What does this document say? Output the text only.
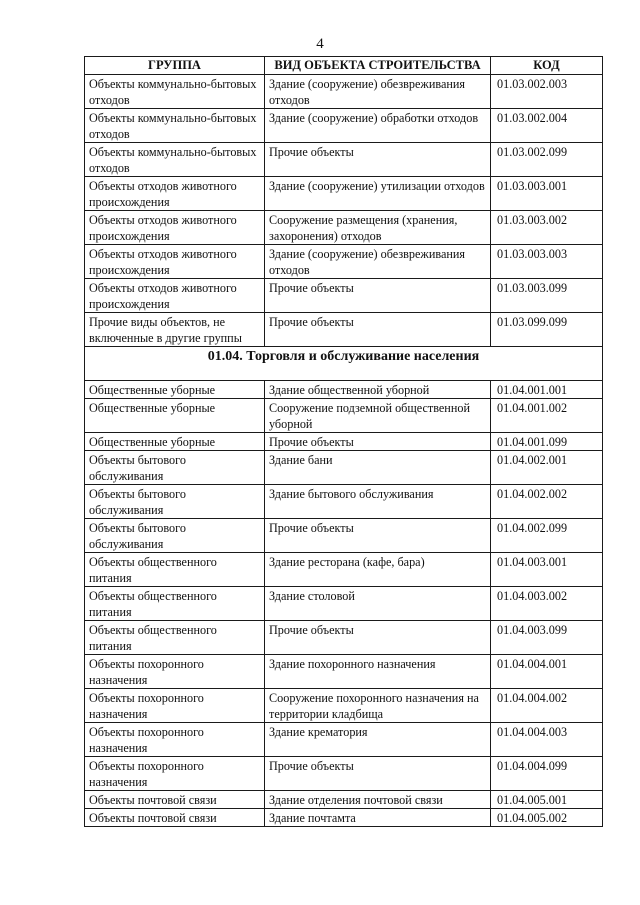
4
ГРУППА	ВИД ОБЪЕКТА СТРОИТЕЛЬСТВА	КОД
Объекты коммунально-бытовых отходов	Здание (сооружение) обезвреживания отходов	01.03.002.003
Объекты коммунально-бытовых отходов	Здание (сооружение) обработки отходов	01.03.002.004
Объекты коммунально-бытовых отходов	Прочие объекты	01.03.002.099
Объекты отходов животного происхождения	Здание (сооружение) утилизации отходов	01.03.003.001
Объекты отходов животного происхождения	Сооружение размещения (хранения, захоронения) отходов	01.03.003.002
Объекты отходов животного происхождения	Здание (сооружение) обезвреживания отходов	01.03.003.003
Объекты отходов животного происхождения	Прочие объекты	01.03.003.099
Прочие виды объектов, не включенные в другие группы	Прочие объекты	01.03.099.099
01.04. Торговля и обслуживание населения		
Общественные уборные	Здание общественной уборной	01.04.001.001
Общественные уборные	Сооружение подземной общественной уборной	01.04.001.002
Общественные уборные	Прочие объекты	01.04.001.099
Объекты бытового обслуживания	Здание бани	01.04.002.001
Объекты бытового обслуживания	Здание бытового обслуживания	01.04.002.002
Объекты бытового обслуживания	Прочие объекты	01.04.002.099
Объекты общественного питания	Здание ресторана (кафе, бара)	01.04.003.001
Объекты общественного питания	Здание столовой	01.04.003.002
Объекты общественного питания	Прочие объекты	01.04.003.099
Объекты похоронного назначения	Здание похоронного назначения	01.04.004.001
Объекты похоронного назначения	Сооружение похоронного назначения на территории кладбища	01.04.004.002
Объекты похоронного назначения	Здание крематория	01.04.004.003
Объекты похоронного назначения	Прочие объекты	01.04.004.099
Объекты почтовой связи	Здание отделения почтовой связи	01.04.005.001
Объекты почтовой связи	Здание почтамта	01.04.005.002
